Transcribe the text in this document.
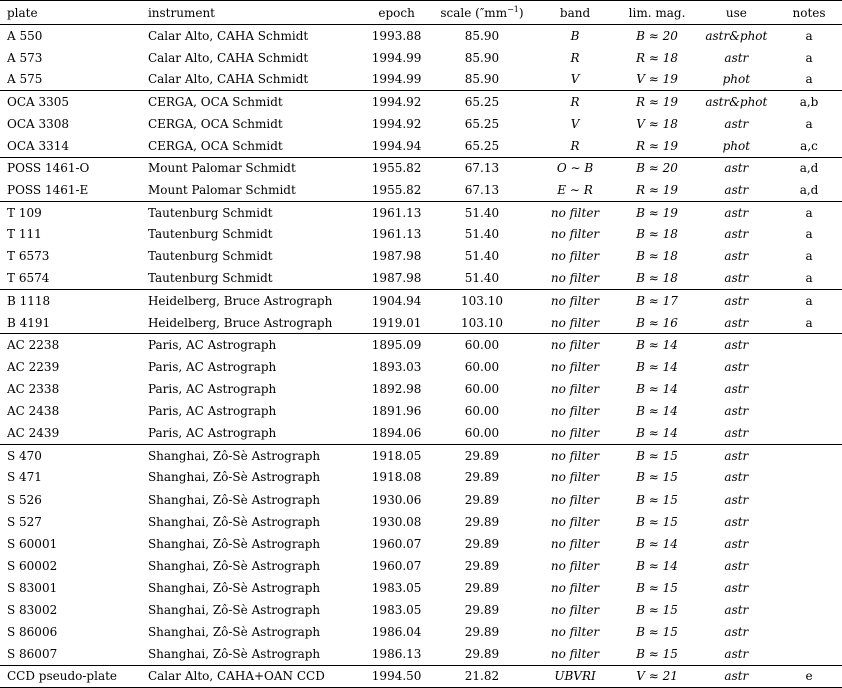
plate	instrument	epoch	scale $(''mm^{-1})$	band	lim. mag.	use	notes
A 550	Calar Alto, CAHA Schmidt	1993.88	85.90	B	B ≈ 20	astr&phot	a
A 573	Calar Alto, CAHA Schmidt	1994.99	85.90	R	R ≈ 18	astr	a
A 575	Calar Alto, CAHA Schmidt	1994.99	85.90	V	V ≈ 19	phot	a
OCA 3305	CERGA, OCA Schmidt	1994.92	65.25	R	R ≈ 19	astr&phot	a,b
OCA 3308	CERGA, OCA Schmidt	1994.92	65.25	V	V ≈ 18	astr	a
OCA 3314	CERGA, OCA Schmidt	1994.94	65.25	R	R ≈ 19	phot	a,c
POSS 1461-O	Mount Palomar Schmidt	1955.82	67.13	O ∼ B	B ≈ 20	astr	a,d
POSS 1461-E	Mount Palomar Schmidt	1955.82	67.13	E ∼ R	R ≈ 19	astr	a,d
T 109	Tautenburg Schmidt	1961.13	51.40	no filter	B ≈ 19	astr	a
T 111	Tautenburg Schmidt	1961.13	51.40	no filter	B ≈ 18	astr	a
T 6573	Tautenburg Schmidt	1987.98	51.40	no filter	B ≈ 18	astr	a
T 6574	Tautenburg Schmidt	1987.98	51.40	no filter	B ≈ 18	astr	a
B 1118	Heidelberg, Bruce Astrograph	1904.94	103.10	no filter	B ≈ 17	astr	a
B 4191	Heidelberg, Bruce Astrograph	1919.01	103.10	no filter	B ≈ 16	astr	a
AC 2238	Paris, AC Astrograph	1895.09	60.00	no filter	B ≈ 14	astr	
AC 2239	Paris, AC Astrograph	1893.03	60.00	no filter	B ≈ 14	astr	
AC 2338	Paris, AC Astrograph	1892.98	60.00	no filter	B ≈ 14	astr	
AC 2438	Paris, AC Astrograph	1891.96	60.00	no filter	B ≈ 14	astr	
AC 2439	Paris, AC Astrograph	1894.06	60.00	no filter	B ≈ 14	astr	
S 470	Shanghai, Zô-Sè Astrograph	1918.05	29.89	no filter	B ≈ 15	astr	
S 471	Shanghai, Zô-Sè Astrograph	1918.08	29.89	no filter	B ≈ 15	astr	
S 526	Shanghai, Zô-Sè Astrograph	1930.06	29.89	no filter	B ≈ 15	astr	
S 527	Shanghai, Zô-Sè Astrograph	1930.08	29.89	no filter	B ≈ 15	astr	
S 60001	Shanghai, Zô-Sè Astrograph	1960.07	29.89	no filter	B ≈ 14	astr	
S 60002	Shanghai, Zô-Sè Astrograph	1960.07	29.89	no filter	B ≈ 14	astr	
S 83001	Shanghai, Zô-Sè Astrograph	1983.05	29.89	no filter	B ≈ 15	astr	
S 83002	Shanghai, Zô-Sè Astrograph	1983.05	29.89	no filter	B ≈ 15	astr	
S 86006	Shanghai, Zô-Sè Astrograph	1986.04	29.89	no filter	B ≈ 15	astr	
S 86007	Shanghai, Zô-Sè Astrograph	1986.13	29.89	no filter	B ≈ 15	astr	
CCD pseudo-plate	Calar Alto, CAHA+OAN CCD	1994.50	21.82	UBVRI	V ≈ 21	astr	e
